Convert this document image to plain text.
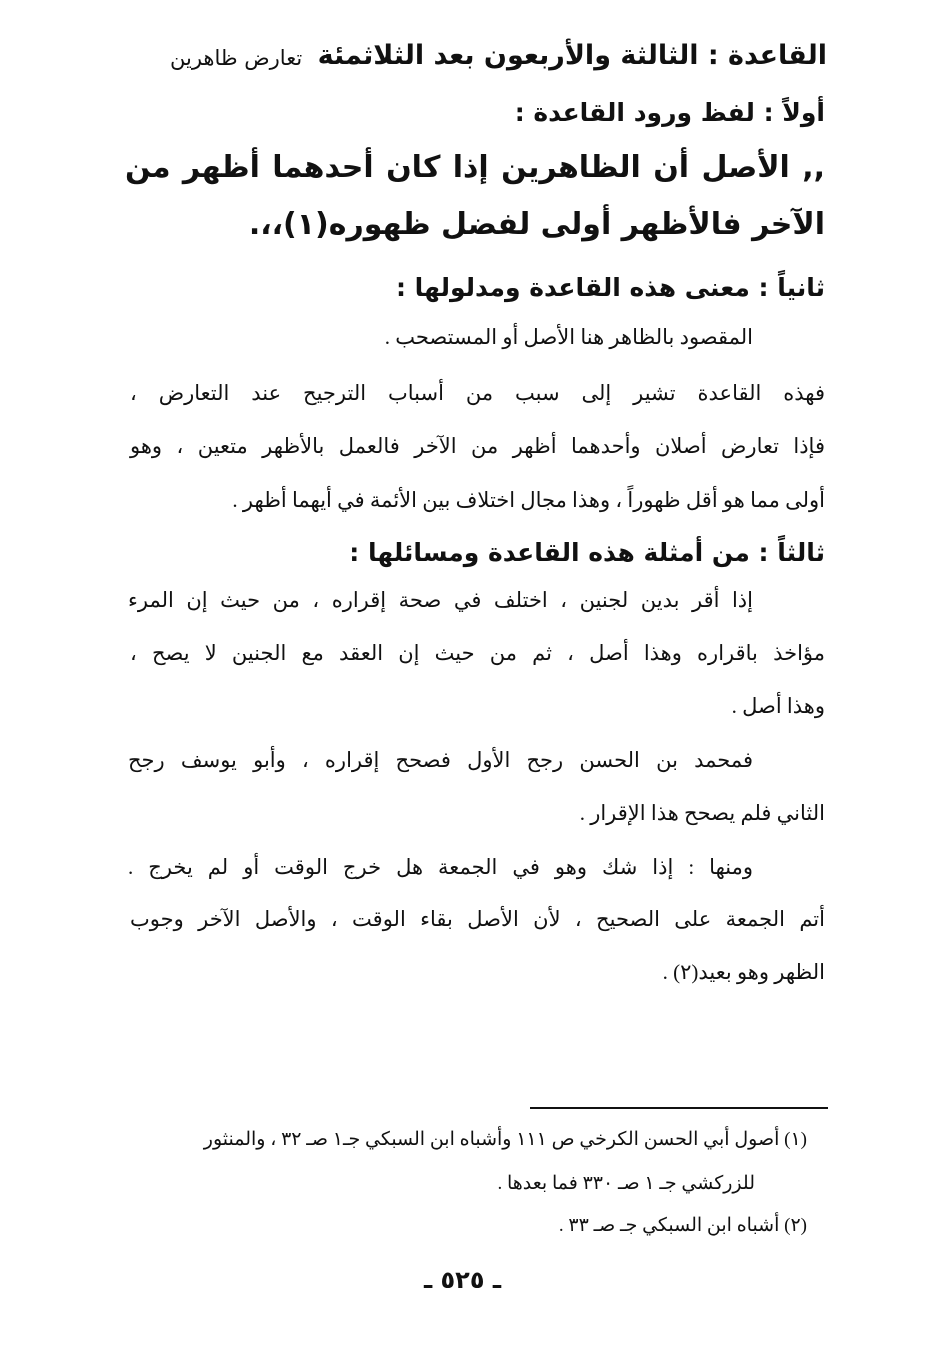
القاعدة : الثالثة والأربعون بعد الثلاثمئة
تعارض ظاهرين
أولاً : لفظ ورود القاعدة :
,, الأصل أن الظاهرين إذا كان أحدهما أظهر من
الآخر فالأظهر أولى لفضل ظهوره(١)،،.
ثانياً : معنى هذه القاعدة ومدلولها :
المقصود بالظاهر هنا الأصل أو المستصحب .
فهذه القاعدة تشير إلى سبب من أسباب الترجيح عند التعارض ،
فإذا تعارض أصلان وأحدهما أظهر من الآخر فالعمل بالأظهر متعين ، وهو
أولى مما هو أقل ظهوراً ، وهذا مجال اختلاف بين الأئمة في أيهما أظهر .
ثالثاً : من أمثلة هذه القاعدة ومسائلها :
إذا أقر بدين لجنين ، اختلف في صحة إقراره ، من حيث إن المرء
مؤاخذ باقراره وهذا أصل ، ثم من حيث إن العقد مع الجنين لا يصح ،
وهذا أصل .
فمحمد بن الحسن رجح الأول فصحح إقراره ، وأبو يوسف رجح
الثاني فلم يصحح هذا الإقرار .
ومنها : إذا شك وهو في الجمعة هل خرج الوقت أو لم يخرج .
أتم الجمعة على الصحيح ، لأن الأصل بقاء الوقت ، والأصل الآخر وجوب
الظهر وهو بعيد(٢) .
(١) أصول أبي الحسن الكرخي ص ١١١ وأشباه ابن السبكي جـ١ صـ ٣٢ ، والمنثور
للزركشي جـ ١ صـ ٣٣٠ فما بعدها .
(٢) أشباه ابن السبكي جـ صـ ٣٣ .
ـ ٥٢٥ ـ
